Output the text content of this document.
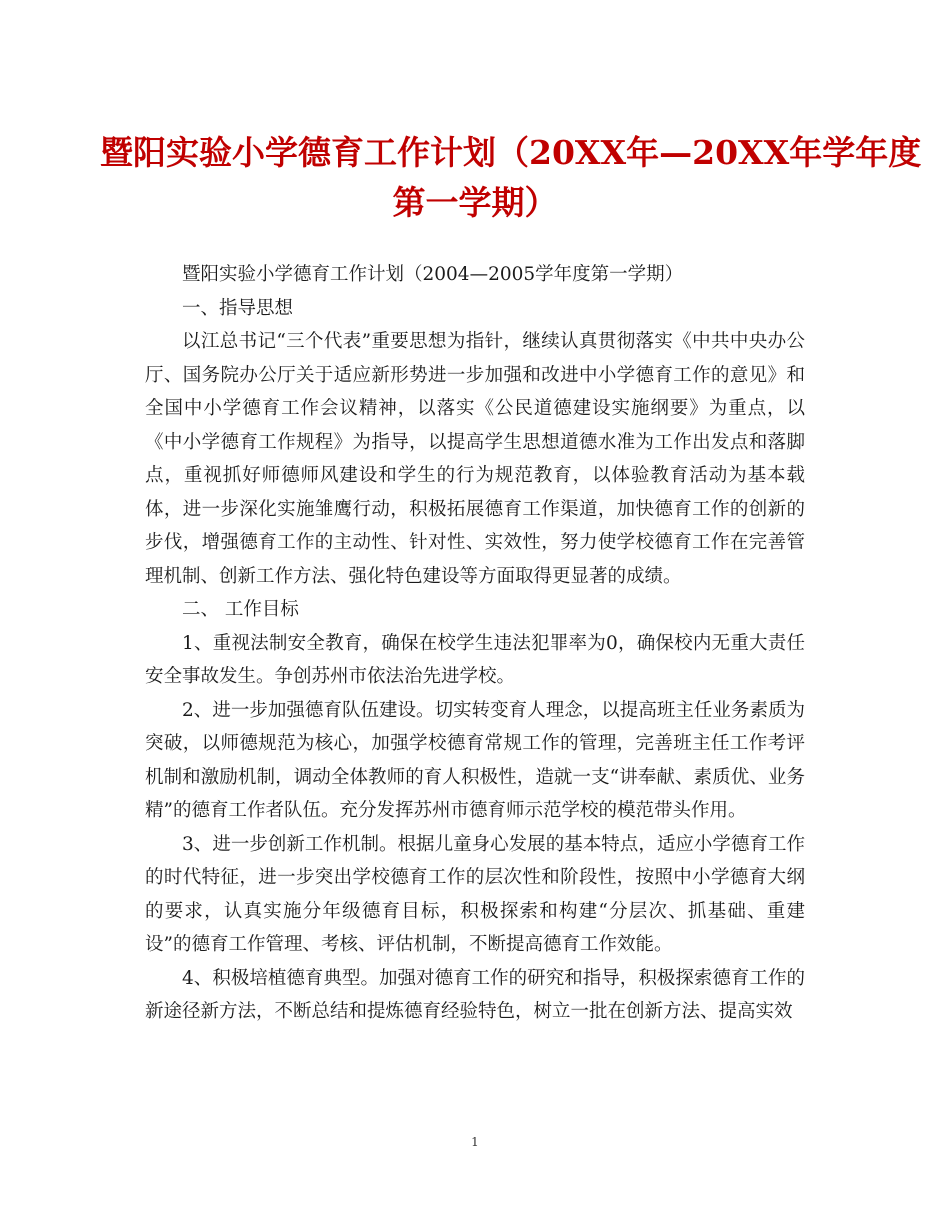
暨阳实验小学德育工作计划（20XX年—20XX年学年度
第一学期）

暨阳实验小学德育工作计划（2004—2005学年度第一学期）

一、指导思想

以江总书记“三个代表”重要思想为指针，继续认真贯彻落实《中共中央办公厅、国务院办公厅关于适应新形势进一步加强和改进中小学德育工作的意见》和全国中小学德育工作会议精神，以落实《公民道德建设实施纲要》为重点，以《中小学德育工作规程》为指导，以提高学生思想道德水准为工作出发点和落脚点，重视抓好师德师风建设和学生的行为规范教育，以体验教育活动为基本载体，进一步深化实施雏鹰行动，积极拓展德育工作渠道，加快德育工作的创新的步伐，增强德育工作的主动性、针对性、实效性，努力使学校德育工作在完善管理机制、创新工作方法、强化特色建设等方面取得更显著的成绩。

二、 工作目标

1、重视法制安全教育，确保在校学生违法犯罪率为0，确保校内无重大责任安全事故发生。争创苏州市依法治先进学校。

2、进一步加强德育队伍建设。切实转变育人理念，以提高班主任业务素质为突破，以师德规范为核心，加强学校德育常规工作的管理，完善班主任工作考评机制和激励机制，调动全体教师的育人积极性，造就一支“讲奉献、素质优、业务精”的德育工作者队伍。充分发挥苏州市德育师示范学校的模范带头作用。

3、进一步创新工作机制。根据儿童身心发展的基本特点，适应小学德育工作的时代特征，进一步突出学校德育工作的层次性和阶段性，按照中小学德育大纲的要求，认真实施分年级德育目标，积极探索和构建“分层次、抓基础、重建设”的德育工作管理、考核、评估机制，不断提高德育工作效能。

4、积极培植德育典型。加强对德育工作的研究和指导，积极探索德育工作的新途径新方法，不断总结和提炼德育经验特色，树立一批在创新方法、提高实效

1
